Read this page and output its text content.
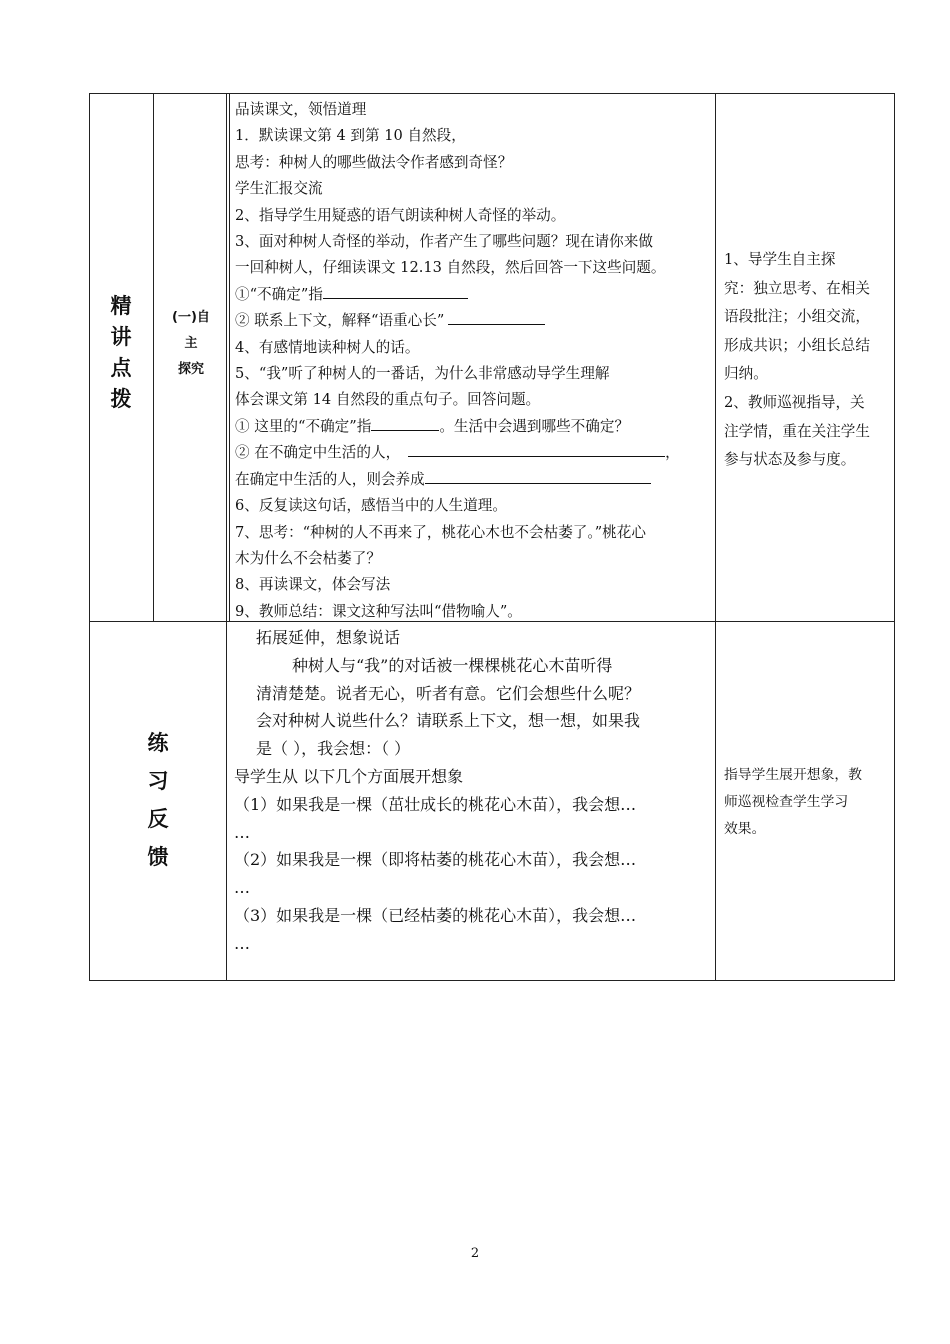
精
讲
点
拨
(一)自
主
探究
品读课文，领悟道理
1．默读课文第 4 到第 10 自然段，
思考：种树人的哪些做法令作者感到奇怪？
学生汇报交流
2、指导学生用疑惑的语气朗读种树人奇怪的举动。
3、面对种树人奇怪的举动，作者产生了哪些问题？现在请你来做
一回种树人，仔细读课文 12.13 自然段，然后回答一下这些问题。
①“不确定”指
② 联系上下文，解释“语重心长”
4、有感情地读种树人的话。
5、“我”听了种树人的一番话，为什么非常感动导学生理解
体会课文第 14 自然段的重点句子。回答问题。
① 这里的“不确定”指	。生活中会遇到哪些不确定？
② 在不确定中生活的人，	，
在确定中生活的人，则会养成
6、反复读这句话，感悟当中的人生道理。
7、思考：“种树的人不再来了，桃花心木也不会枯萎了。”桃花心
木为什么不会枯萎了？
8、再读课文，体会写法
9、教师总结：课文这种写法叫“借物喻人”。
1、导学生自主探
究：独立思考、在相关
语段批注；小组交流，
形成共识；小组长总结
归纳。
2、教师巡视指导，关
注学情，重在关注学生
参与状态及参与度。
练
习
反
馈
拓展延伸，想象说话
种树人与“我”的对话被一棵棵桃花心木苗听得
清清楚楚。说者无心，听者有意。它们会想些什么呢？
会对种树人说些什么？请联系上下文，想一想，如果我
是（ ），我会想：（ ）
导学生从 以下几个方面展开想象
（1）如果我是一棵（茁壮成长的桃花心木苗），我会想…
…
（2）如果我是一棵（即将枯萎的桃花心木苗），我会想…
…
（3）如果我是一棵（已经枯萎的桃花心木苗），我会想…
…
指导学生展开想象，教
师巡视检查学生学习
效果。
2
